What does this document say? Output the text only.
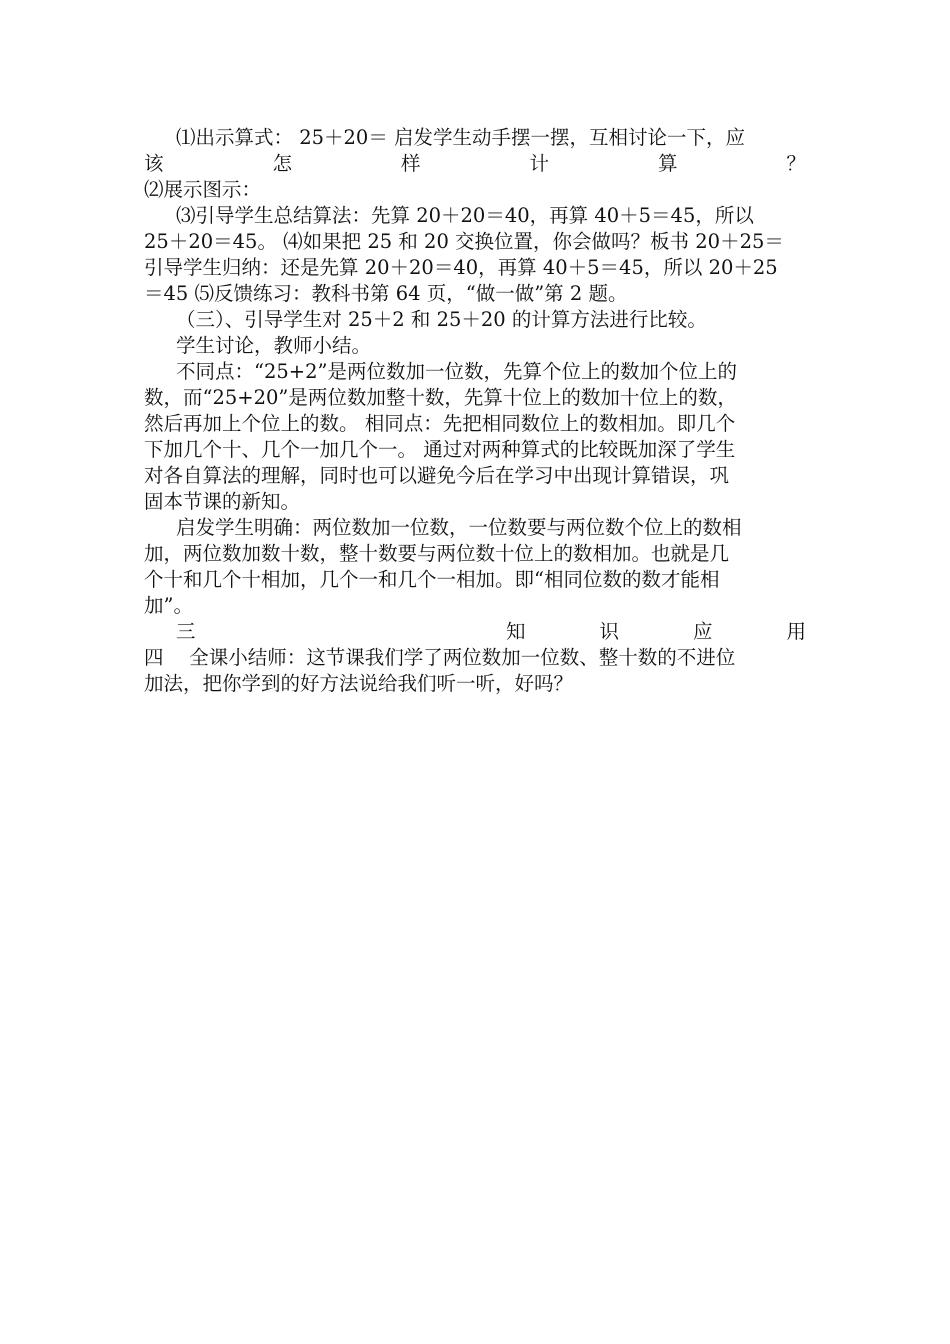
⑴出示算式： 25＋20＝ 启发学生动手摆一摆，互相讨论一下，应
该	怎	样	计	算	？
⑵展示图示：
⑶引导学生总结算法：先算 20＋20＝40，再算 40＋5＝45，所以
25＋20＝45。 ⑷如果把 25 和 20 交换位置，你会做吗？板书 20＋25＝
引导学生归纳：还是先算 20＋20＝40，再算 40＋5＝45，所以 20＋25
＝45 ⑸反馈练习：教科书第 64 页，“做一做”第 2 题。
（三）、引导学生对 25＋2 和 25＋20 的计算方法进行比较。
学生讨论，教师小结。
不同点：“25+2”是两位数加一位数，先算个位上的数加个位上的
数，而“25+20”是两位数加整十数，先算十位上的数加十位上的数，
然后再加上个位上的数。 相同点：先把相同数位上的数相加。即几个
下加几个十、几个一加几个一。 通过对两种算式的比较既加深了学生
对各自算法的理解，同时也可以避免今后在学习中出现计算错误，巩
固本节课的新知。
启发学生明确：两位数加一位数，一位数要与两位数个位上的数相
加，两位数加数十数，整十数要与两位数十位上的数相加。也就是几
个十和几个十相加，几个一和几个一相加。即“相同位数的数才能相
加”。
三	知	识	应	用
四　 全课小结师：这节课我们学了两位数加一位数、整十数的不进位
加法，把你学到的好方法说给我们听一听，好吗？
